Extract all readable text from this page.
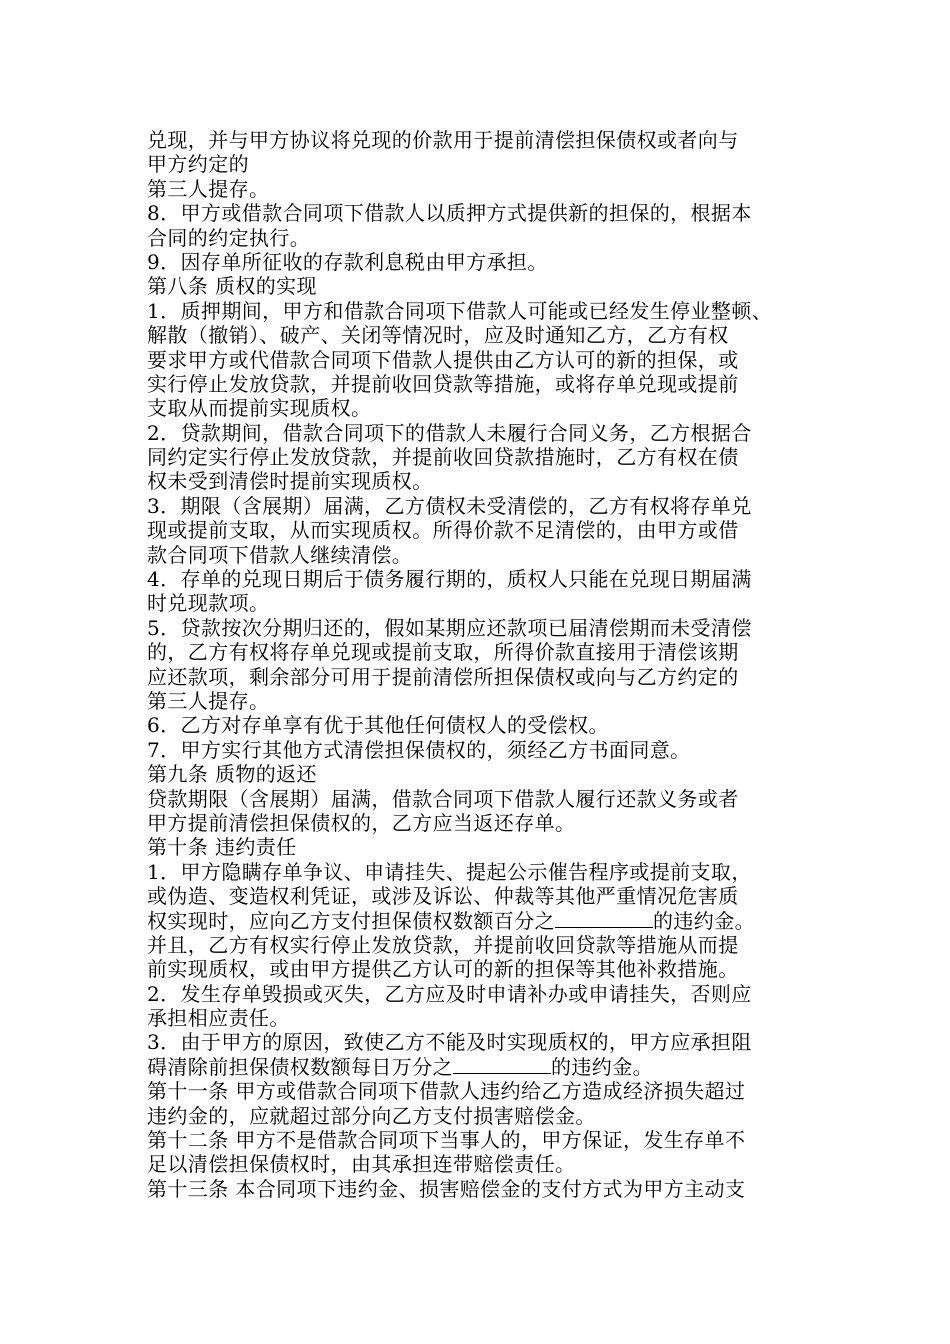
兑现，并与甲方协议将兑现的价款用于提前清偿担保债权或者向与
甲方约定的
第三人提存。
8．甲方或借款合同项下借款人以质押方式提供新的担保的，根据本
合同的约定执行。
9．因存单所征收的存款利息税由甲方承担。
第八条 质权的实现
1．质押期间，甲方和借款合同项下借款人可能或已经发生停业整顿、
解散（撤销）、破产、关闭等情况时，应及时通知乙方，乙方有权
要求甲方或代借款合同项下借款人提供由乙方认可的新的担保，或
实行停止发放贷款，并提前收回贷款等措施，或将存单兑现或提前
支取从而提前实现质权。
2．贷款期间，借款合同项下的借款人未履行合同义务，乙方根据合
同约定实行停止发放贷款，并提前收回贷款措施时，乙方有权在债
权未受到清偿时提前实现质权。
3．期限（含展期）届满，乙方债权未受清偿的，乙方有权将存单兑
现或提前支取，从而实现质权。所得价款不足清偿的，由甲方或借
款合同项下借款人继续清偿。
4．存单的兑现日期后于债务履行期的，质权人只能在兑现日期届满
时兑现款项。
5．贷款按次分期归还的，假如某期应还款项已届清偿期而未受清偿
的，乙方有权将存单兑现或提前支取，所得价款直接用于清偿该期
应还款项，剩余部分可用于提前清偿所担保债权或向与乙方约定的
第三人提存。
6．乙方对存单享有优于其他任何债权人的受偿权。
7．甲方实行其他方式清偿担保债权的，须经乙方书面同意。
第九条 质物的返还
贷款期限（含展期）届满，借款合同项下借款人履行还款义务或者
甲方提前清偿担保债权的，乙方应当返还存单。
第十条 违约责任
1．甲方隐瞒存单争议、申请挂失、提起公示催告程序或提前支取，
或伪造、变造权利凭证，或涉及诉讼、仲裁等其他严重情况危害质
权实现时，应向乙方支付担保债权数额百分之	的违约金。
并且，乙方有权实行停止发放贷款，并提前收回贷款等措施从而提
前实现质权，或由甲方提供乙方认可的新的担保等其他补救措施。
2．发生存单毁损或灭失，乙方应及时申请补办或申请挂失，否则应
承担相应责任。
3．由于甲方的原因，致使乙方不能及时实现质权的，甲方应承担阻
碍清除前担保债权数额每日万分之	的违约金。
第十一条 甲方或借款合同项下借款人违约给乙方造成经济损失超过
违约金的，应就超过部分向乙方支付损害赔偿金。
第十二条 甲方不是借款合同项下当事人的，甲方保证，发生存单不
足以清偿担保债权时，由其承担连带赔偿责任。
第十三条 本合同项下违约金、损害赔偿金的支付方式为甲方主动支
